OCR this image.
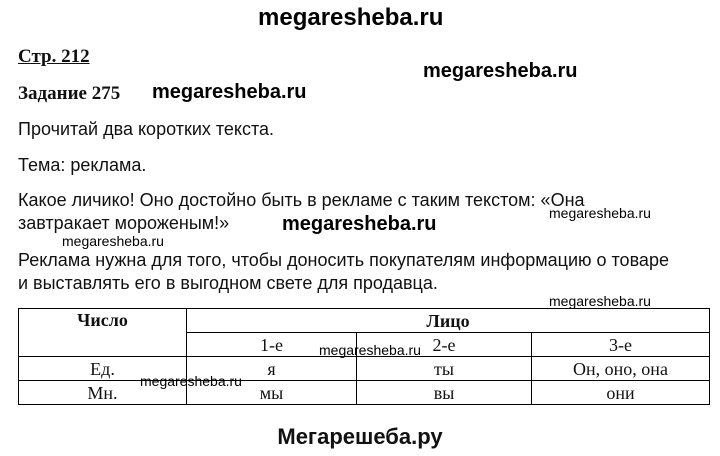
megaresheba.ru
Стр. 212
megaresheba.ru
Задание 275 megaresheba.ru
Прочитай два коротких текста.
Тема: реклама.
Какое личико! Оно достойно быть в рекламе с таким текстом: «Она
завтракает мороженым!»	megaresheba.ru	megaresheba.ru
megaresheba.ru
Реклама нужна для того, чтобы доносить покупателям информацию о товаре
и выставлять его в выгодном свете для продавца.
megaresheba.ru
Число	Лицо		
	1-е	2-е	3-е
Ед.	я	ты	Он, оно, она
Мн.	мы	вы	они
megaresheba.ru
megaresheba.ru
Мегарешеба.ру
